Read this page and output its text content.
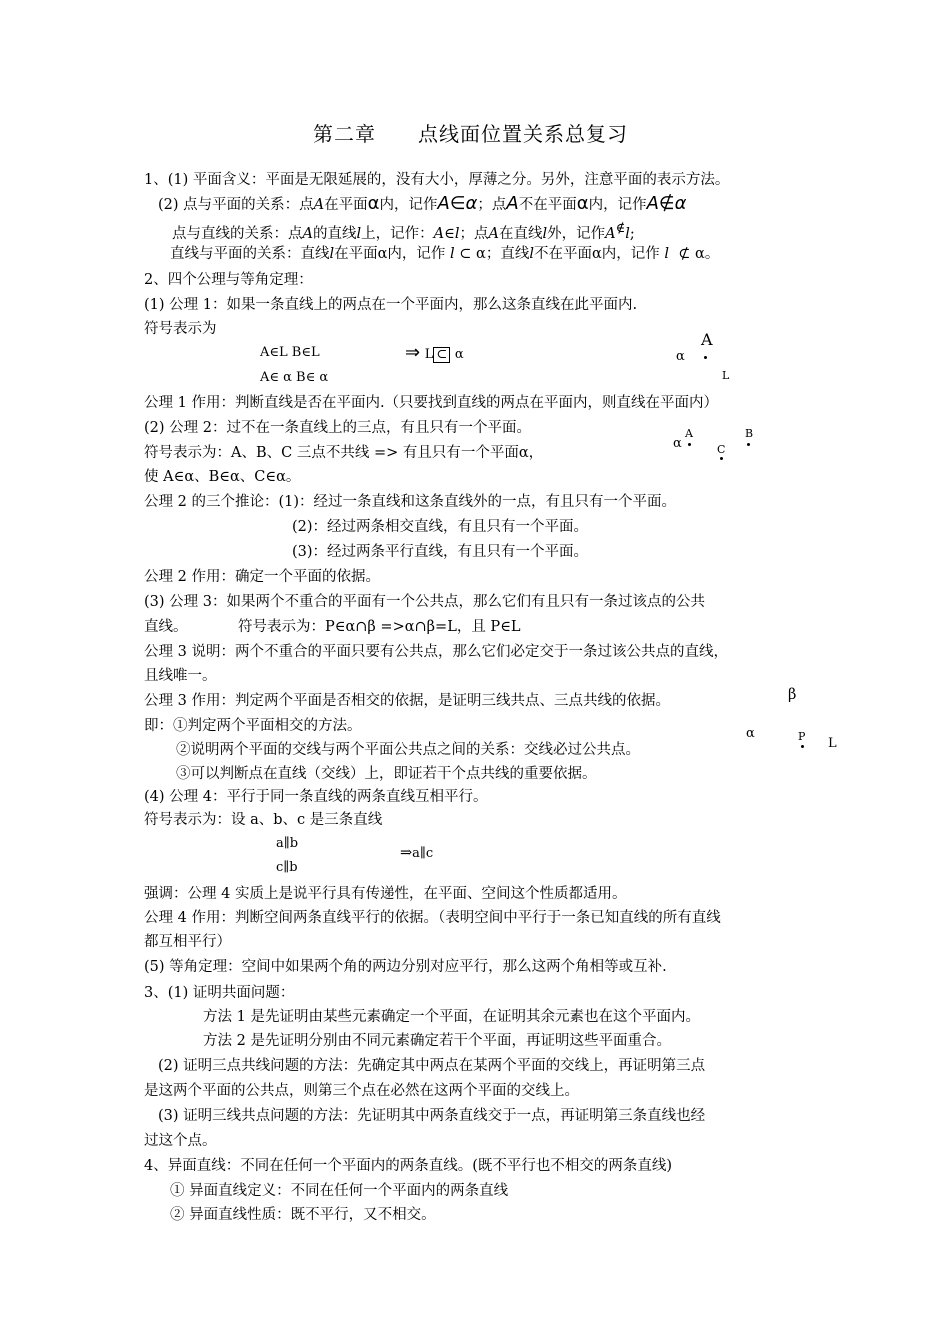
第二章　　点线面位置关系总复习
1、(1) 平面含义：平面是无限延展的，没有大小，厚薄之分。另外，注意平面的表示方法。
(2) 点与平面的关系：点A在平面α内，记作A∈α；点A不在平面α内，记作A∉α
点与直线的关系：点A的直线l上，记作：A∈l；点A在直线l外，记作A∉l;
直线与平面的关系：直线l在平面α内，记作 l ⊂ α；直线l不在平面α内，记作 l ⊄ α。
2、四个公理与等角定理：
(1) 公理 1：如果一条直线上的两点在一个平面内，那么这条直线在此平面内.
符号表示为
A∈L B∈L
A∈ α B∈ α
⇒ L ⊂ α
A
α
L
公理 1 作用：判断直线是否在平面内.（只要找到直线的两点在平面内，则直线在平面内）
(2) 公理 2：过不在一条直线上的三点，有且只有一个平面。	A	B
α	C
符号表示为：A、B、C 三点不共线 => 有且只有一个平面α，
使 A∈α、B∈α、C∈α。
公理 2 的三个推论：(1)：经过一条直线和这条直线外的一点，有且只有一个平面。
(2)：经过两条相交直线，有且只有一个平面。
(3)：经过两条平行直线，有且只有一个平面。
公理 2 作用：确定一个平面的依据。
(3) 公理 3：如果两个不重合的平面有一个公共点，那么它们有且只有一条过该点的公共
直线。	符号表示为：P∈α∩β =>α∩β=L，且 P∈L
公理 3 说明：两个不重合的平面只要有公共点，那么它们必定交于一条过该公共点的直线，
且线唯一。
公理 3 作用：判定两个平面是否相交的依据，是证明三线共点、三点共线的依据。	β
α	P L
即：①判定两个平面相交的方法。
②说明两个平面的交线与两个平面公共点之间的关系：交线必过公共点。
③可以判断点在直线（交线）上，即证若干个点共线的重要依据。
(4) 公理 4：平行于同一条直线的两条直线互相平行。
符号表示为：设 a、b、c 是三条直线
a∥b
c∥b
⇒a∥c
强调：公理 4 实质上是说平行具有传递性，在平面、空间这个性质都适用。
公理 4 作用：判断空间两条直线平行的依据。（表明空间中平行于一条已知直线的所有直线
都互相平行）
(5) 等角定理：空间中如果两个角的两边分别对应平行，那么这两个角相等或互补.
3、(1) 证明共面问题：
方法 1 是先证明由某些元素确定一个平面，在证明其余元素也在这个平面内。
方法 2 是先证明分别由不同元素确定若干个平面，再证明这些平面重合。
(2) 证明三点共线问题的方法：先确定其中两点在某两个平面的交线上，再证明第三点
是这两个平面的公共点，则第三个点在必然在这两个平面的交线上。
(3) 证明三线共点问题的方法：先证明其中两条直线交于一点，再证明第三条直线也经
过这个点。
4、异面直线：不同在任何一个平面内的两条直线。(既不平行也不相交的两条直线)
① 异面直线定义：不同在任何一个平面内的两条直线
② 异面直线性质：既不平行，又不相交。
